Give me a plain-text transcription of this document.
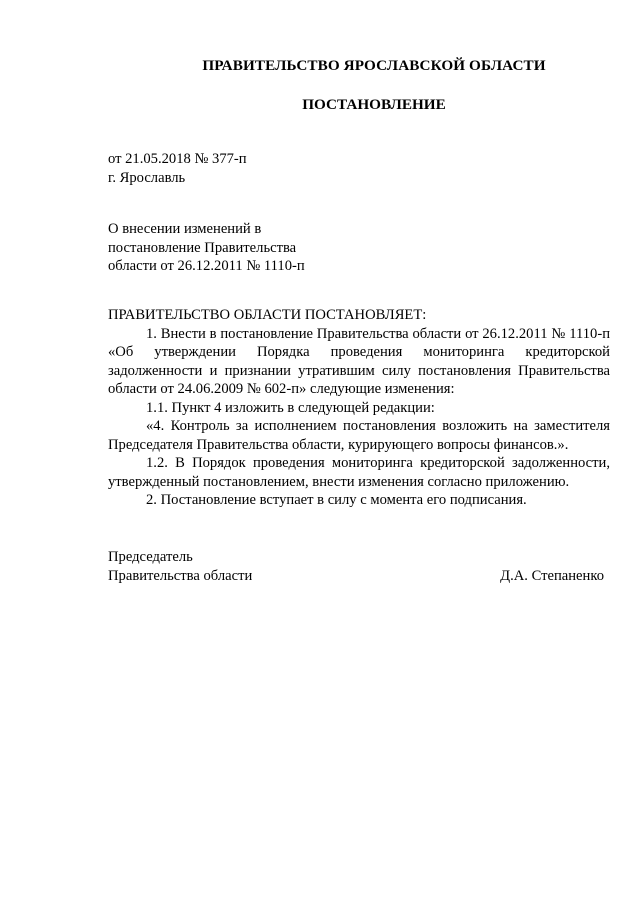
ПРАВИТЕЛЬСТВО ЯРОСЛАВСКОЙ ОБЛАСТИ
ПОСТАНОВЛЕНИЕ
от 21.05.2018 № 377-п
г. Ярославль
О внесении изменений в
постановление Правительства
области от 26.12.2011 № 1110-п

ПРАВИТЕЛЬСТВО ОБЛАСТИ ПОСТАНОВЛЯЕТ:

1. Внести в постановление Правительства области от 26.12.2011 № 1110-п «Об утверждении Порядка проведения мониторинга кредиторской задолженности и признании утратившим силу постановления Правительства области от 24.06.2009 № 602-п» следующие изменения:

1.1. Пункт 4 изложить в следующей редакции:

«4. Контроль за исполнением постановления возложить на заместителя Председателя Правительства области, курирующего вопросы финансов.».

1.2. В Порядок проведения мониторинга кредиторской задолженности, утвержденный постановлением, внести изменения согласно приложению.

2. Постановление вступает в силу с момента его подписания.

Председатель
Правительства области	Д.А. Степаненко
